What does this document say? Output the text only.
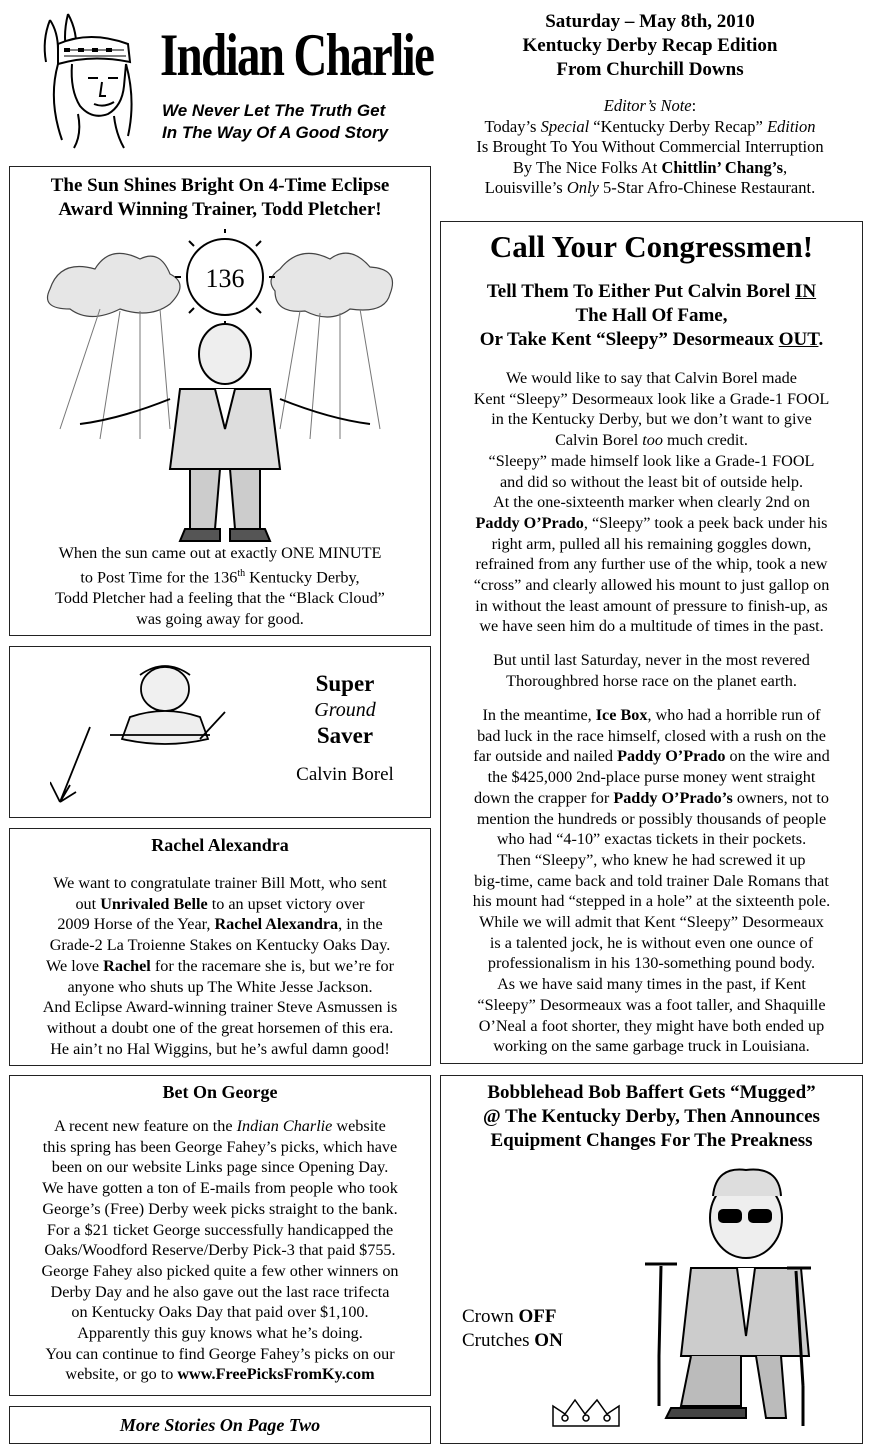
Indian Charlie
We Never Let The Truth Get
In The Way Of A Good Story
Saturday – May 8th, 2010
Kentucky Derby Recap Edition
From Churchill Downs
Editor’s Note:
Today’s Special “Kentucky Derby Recap” Edition
Is Brought To You Without Commercial Interruption
By The Nice Folks At Chittlin’ Chang’s,
Louisville’s Only 5-Star Afro-Chinese Restaurant.
The Sun Shines Bright On 4-Time Eclipse
Award Winning Trainer, Todd Pletcher!
136
When the sun came out at exactly ONE MINUTE
to Post Time for the 136th Kentucky Derby,
Todd Pletcher had a feeling that the “Black Cloud”
was going away for good.
Super
Ground
Saver
Calvin Borel
Rachel Alexandra
We want to congratulate trainer Bill Mott, who sent
out Unrivaled Belle to an upset victory over
2009 Horse of the Year, Rachel Alexandra, in the
Grade-2 La Troienne Stakes on Kentucky Oaks Day.
We love Rachel for the racemare she is, but we’re for
anyone who shuts up The White Jesse Jackson.
And Eclipse Award-winning trainer Steve Asmussen is
without a doubt one of the great horsemen of this era.
He ain’t no Hal Wiggins, but he’s awful damn good!
Bet On George
A recent new feature on the Indian Charlie website
this spring has been George Fahey’s picks, which have
been on our website Links page since Opening Day.
We have gotten a ton of E-mails from people who took
George’s (Free) Derby week picks straight to the bank.
For a $21 ticket George successfully handicapped the
Oaks/Woodford Reserve/Derby Pick-3 that paid $755.
George Fahey also picked quite a few other winners on
Derby Day and he also gave out the last race trifecta
on Kentucky Oaks Day that paid over $1,100.
Apparently this guy knows what he’s doing.
You can continue to find George Fahey’s picks on our
website, or go to www.FreePicksFromKy.com
More Stories On Page Two
Call Your Congressmen!
Tell Them To Either Put Calvin Borel IN
The Hall Of Fame,
Or Take Kent “Sleepy” Desormeaux OUT.
We would like to say that Calvin Borel made
Kent “Sleepy” Desormeaux look like a Grade-1 FOOL
in the Kentucky Derby, but we don’t want to give
Calvin Borel too much credit.
“Sleepy” made himself look like a Grade-1 FOOL
and did so without the least bit of outside help.
At the one-sixteenth marker when clearly 2nd on
Paddy O’Prado, “Sleepy” took a peek back under his
right arm, pulled all his remaining goggles down,
refrained from any further use of the whip, took a new
“cross” and clearly allowed his mount to just gallop on
in without the least amount of pressure to finish-up, as
we have seen him do a multitude of times in the past.
But until last Saturday, never in the most revered
Thoroughbred horse race on the planet earth.
In the meantime, Ice Box, who had a horrible run of
bad luck in the race himself, closed with a rush on the
far outside and nailed Paddy O’Prado on the wire and
the $425,000 2nd-place purse money went straight
down the crapper for Paddy O’Prado’s owners, not to
mention the hundreds or possibly thousands of people
who had “4-10” exactas tickets in their pockets.
Then “Sleepy”, who knew he had screwed it up
big-time, came back and told trainer Dale Romans that
his mount had “stepped in a hole” at the sixteenth pole.
While we will admit that Kent “Sleepy” Desormeaux
is a talented jock, he is without even one ounce of
professionalism in his 130-something pound body.
As we have said many times in the past, if Kent
“Sleepy” Desormeaux was a foot taller, and Shaquille
O’Neal a foot shorter, they might have both ended up
working on the same garbage truck in Louisiana.
Bobblehead Bob Baffert Gets “Mugged”
@ The Kentucky Derby, Then Announces
Equipment Changes For The Preakness
Crown OFF
Crutches ON
